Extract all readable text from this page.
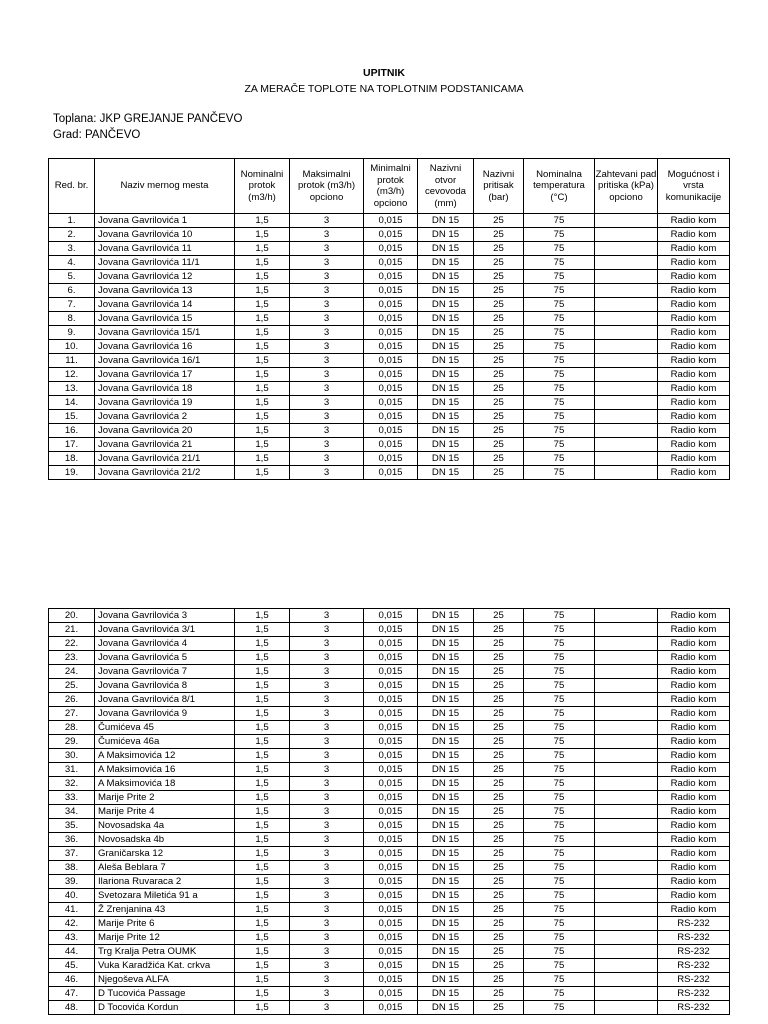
UPITNIK
ZA MERAČE TOPLOTE NA TOPLOTNIM PODSTANICAMA
Toplana: JKP GREJANJE PANČEVO
Grad: PANČEVO
Red. br.	Naziv mernog mesta	Nominalni protok (m3/h)	Maksimalni protok (m3/h) opciono	Minimalni protok (m3/h) opciono	Nazivni otvor cevovoda (mm)	Nazivni pritisak (bar)	Nominalna temperatura (°C)	Zahtevani pad pritiska (kPa) opciono	Mogućnost i vrsta komunikacije
1.	Jovana Gavrilovića 1	1,5	3	0,015	DN 15	25	75		Radio kom
2.	Jovana Gavrilovića 10	1,5	3	0,015	DN 15	25	75		Radio kom
3.	Jovana Gavrilovića 11	1,5	3	0,015	DN 15	25	75		Radio kom
4.	Jovana Gavrilovića 11/1	1,5	3	0,015	DN 15	25	75		Radio kom
5.	Jovana Gavrilovića 12	1,5	3	0,015	DN 15	25	75		Radio kom
6.	Jovana Gavrilovića 13	1,5	3	0,015	DN 15	25	75		Radio kom
7.	Jovana Gavrilovića 14	1,5	3	0,015	DN 15	25	75		Radio kom
8.	Jovana Gavrilovića 15	1,5	3	0,015	DN 15	25	75		Radio kom
9.	Jovana Gavrilovića 15/1	1,5	3	0,015	DN 15	25	75		Radio kom
10.	Jovana Gavrilovića 16	1,5	3	0,015	DN 15	25	75		Radio kom
11.	Jovana Gavrilovića 16/1	1,5	3	0,015	DN 15	25	75		Radio kom
12.	Jovana Gavrilovića 17	1,5	3	0,015	DN 15	25	75		Radio kom
13.	Jovana Gavrilovića 18	1,5	3	0,015	DN 15	25	75		Radio kom
14.	Jovana Gavrilovića 19	1,5	3	0,015	DN 15	25	75		Radio kom
15.	Jovana Gavrilovića 2	1,5	3	0,015	DN 15	25	75		Radio kom
16.	Jovana Gavrilovića 20	1,5	3	0,015	DN 15	25	75		Radio kom
17.	Jovana Gavrilovića 21	1,5	3	0,015	DN 15	25	75		Radio kom
18.	Jovana Gavrilovića 21/1	1,5	3	0,015	DN 15	25	75		Radio kom
19.	Jovana Gavrilovića 21/2	1,5	3	0,015	DN 15	25	75		Radio kom
20.	Jovana Gavrilovića 3	1,5	3	0,015	DN 15	25	75		Radio kom
21.	Jovana Gavrilovića 3/1	1,5	3	0,015	DN 15	25	75		Radio kom
22.	Jovana Gavrilovića 4	1,5	3	0,015	DN 15	25	75		Radio kom
23.	Jovana Gavrilovića 5	1,5	3	0,015	DN 15	25	75		Radio kom
24.	Jovana Gavrilovića 7	1,5	3	0,015	DN 15	25	75		Radio kom
25.	Jovana Gavrilovića 8	1,5	3	0,015	DN 15	25	75		Radio kom
26.	Jovana Gavrilovića 8/1	1,5	3	0,015	DN 15	25	75		Radio kom
27.	Jovana Gavrilovića 9	1,5	3	0,015	DN 15	25	75		Radio kom
28.	Čumićeva 45	1,5	3	0,015	DN 15	25	75		Radio kom
29.	Čumićeva 46a	1,5	3	0,015	DN 15	25	75		Radio kom
30.	A Maksimovića 12	1,5	3	0,015	DN 15	25	75		Radio kom
31.	A Maksimovića 16	1,5	3	0,015	DN 15	25	75		Radio kom
32.	A Maksimovića 18	1,5	3	0,015	DN 15	25	75		Radio kom
33.	Marije Prite 2	1,5	3	0,015	DN 15	25	75		Radio kom
34.	Marije Prite 4	1,5	3	0,015	DN 15	25	75		Radio kom
35.	Novosadska 4a	1,5	3	0,015	DN 15	25	75		Radio kom
36.	Novosadska 4b	1,5	3	0,015	DN 15	25	75		Radio kom
37.	Graničarska 12	1,5	3	0,015	DN 15	25	75		Radio kom
38.	Aleša Beblara 7	1,5	3	0,015	DN 15	25	75		Radio kom
39.	Ilariona Ruvaraca 2	1,5	3	0,015	DN 15	25	75		Radio kom
40.	Svetozara Miletića 91 a	1,5	3	0,015	DN 15	25	75		Radio kom
41.	Ž Zrenjanina 43	1,5	3	0,015	DN 15	25	75		Radio kom
42.	Marije Prite 6	1,5	3	0,015	DN 15	25	75		RS-232
43.	Marije Prite 12	1,5	3	0,015	DN 15	25	75		RS-232
44.	Trg Kralja Petra OUMK	1,5	3	0,015	DN 15	25	75		RS-232
45.	Vuka Karadžića Kat. crkva	1,5	3	0,015	DN 15	25	75		RS-232
46.	Njegoševa ALFA	1,5	3	0,015	DN 15	25	75		RS-232
47.	D Tucovića Passage	1,5	3	0,015	DN 15	25	75		RS-232
48.	D Tocovića Kordun	1,5	3	0,015	DN 15	25	75		RS-232
